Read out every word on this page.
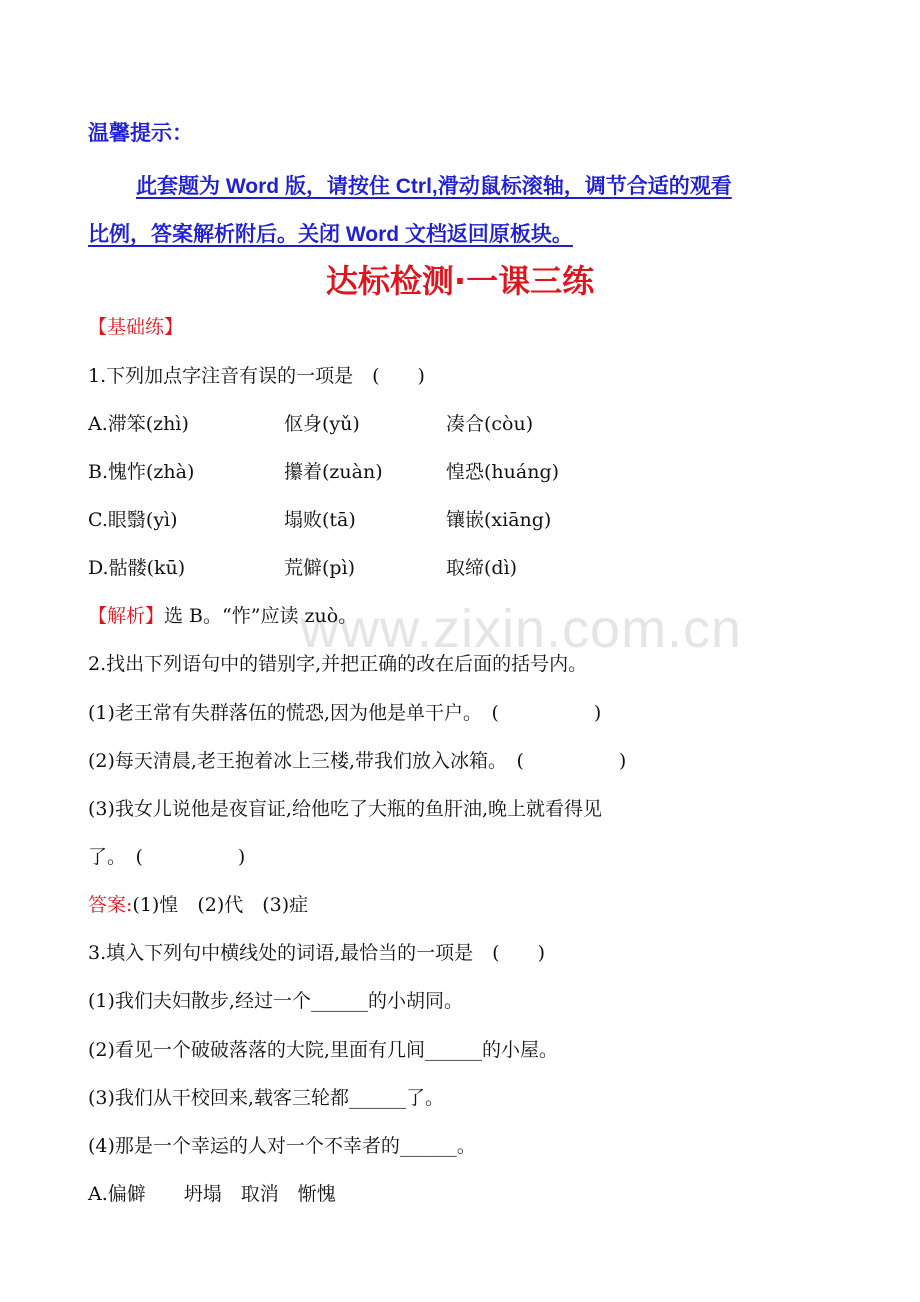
www.zixin.com.cn
温馨提示：
此套题为 Word 版，请按住 Ctrl,滑动鼠标滚轴，调节合适的观看
比例，答案解析附后。关闭 Word 文档返回原板块。
达标检测·一课三练
【基础练】
1.下列加点字注音有误的一项是　(　　)
A.滞笨(zhì)	伛身(yǔ)	凑合(còu)
B.愧怍(zhà)	攥着(zuàn)	惶恐(huáng)
C.眼翳(yì)	塌败(tā)	镶嵌(xiāng)
D.骷髅(kū)	荒僻(pì)	取缔(dì)
【解析】选 B。“怍”应读 zuò。
2.找出下列语句中的错别字,并把正确的改在后面的括号内。
(1)老王常有失群落伍的慌恐,因为他是单干户。　(　　　　　)
(2)每天清晨,老王抱着冰上三楼,带我们放入冰箱。　(　　　　　)
(3)我女儿说他是夜盲证,给他吃了大瓶的鱼肝油,晚上就看得见
了。　(　　　　　)
答案:(1)惶　(2)代　(3)症
3.填入下列句中横线处的词语,最恰当的一项是　(　　)
(1)我们夫妇散步,经过一个______的小胡同。
(2)看见一个破破落落的大院,里面有几间______的小屋。
(3)我们从干校回来,载客三轮都______了。
(4)那是一个幸运的人对一个不幸者的______。
A.偏僻　　坍塌　取消　惭愧
